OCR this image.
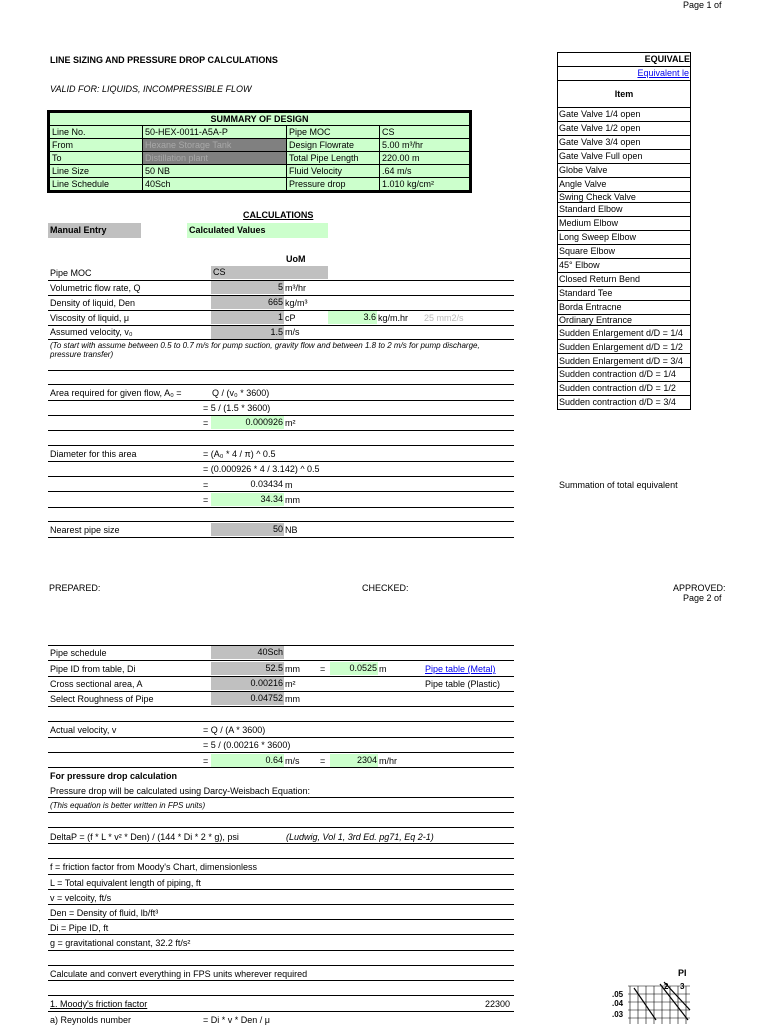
Page 1 of
LINE SIZING AND PRESSURE DROP CALCULATIONS
VALID FOR: LIQUIDS, INCOMPRESSIBLE FLOW
SUMMARY OF DESIGN			
Line No.	50-HEX-0011-A5A-P	Pipe MOC	CS
From	Hexane Storage Tank	Design Flowrate	5.00 m³/hr
To	Distillation plant	Total Pipe Length	220.00 m
Line Size	50 NB	Fluid Velocity	.64 m/s
Line Schedule	40Sch	Pressure drop	1.010 kg/cm²
CALCULATIONS
Manual Entry	Calculated Values
UoM
Pipe MOC	CS
Volumetric flow rate, Q	5 m³/hr
Density of liquid, Den	665 kg/m³
Viscosity of liquid, μ	1 cP	3.6 kg/m.hr 25 mm2/s
Assumed velocity, v₀	1.5 m/s
(To start with assume between 0.5 to 0.7 m/s for pump suction, gravity flow and between 1.8 to 2 m/s for pump discharge, pressure transfer)
Area required for given flow, A₀ =	Q / (v₀ * 3600)
= 5 / (1.5 * 3600)
=	0.000926 m²
Diameter for this area	= (A₀ * 4 / π) ^ 0.5
= (0.000926 * 4 / 3.142) ^ 0.5
=	0.03434 m
=	34.34 mm
Nearest pipe size	50 NB
PREPARED:	CHECKED:	APPROVED:
Page 2 of
Pipe schedule	40Sch
Pipe ID from table, Di	52.5 mm =	0.0525 m	Pipe table (Metal)
Cross sectional area, A	0.00216 m²	Pipe table (Plastic)
Select Roughness of Pipe	0.04752 mm
Actual velocity, v	= Q / (A * 3600)
= 5 / (0.00216 * 3600)
=	0.64 m/s =	2304 m/hr
For pressure drop calculation
Pressure drop will be calculated using Darcy-Weisbach Equation:
(This equation is better written in FPS units)
DeltaP = (f * L * v² * Den) / (144 * Di * 2 * g), psi	(Ludwig, Vol 1, 3rd Ed. pg71, Eq 2-1)
f = friction factor from Moody's Chart, dimensionless
L = Total equivalent length of piping, ft
v = velcoity, ft/s
Den = Density of fluid, lb/ft³
Di = Pipe ID, ft
g = gravitational constant, 32.2 ft/s²
Calculate and convert everything in FPS units wherever required
1. Moody's friction factor	22300
a) Reynolds number	= Di * v * Den / μ
EQUIVALE
Equivalent le
Item
Gate Valve 1/4 open
Gate Valve 1/2 open
Gate Valve 3/4 open
Gate Valve Full open
Globe Valve
Angle Valve
Swing Check Valve
Standard Elbow
Medium Elbow
Long Sweep Elbow
Square Elbow
45° Elbow
Closed Return Bend
Standard Tee
Borda Entracne
Ordinary Entrance
Sudden Enlargement d/D = 1/4
Sudden Enlargement d/D = 1/2
Sudden Enlargement d/D = 3/4
Sudden contraction d/D = 1/4
Sudden contraction d/D = 1/2
Sudden contraction d/D = 3/4
Summation of total equivalent
PI
2 3
.05
.04
.03
